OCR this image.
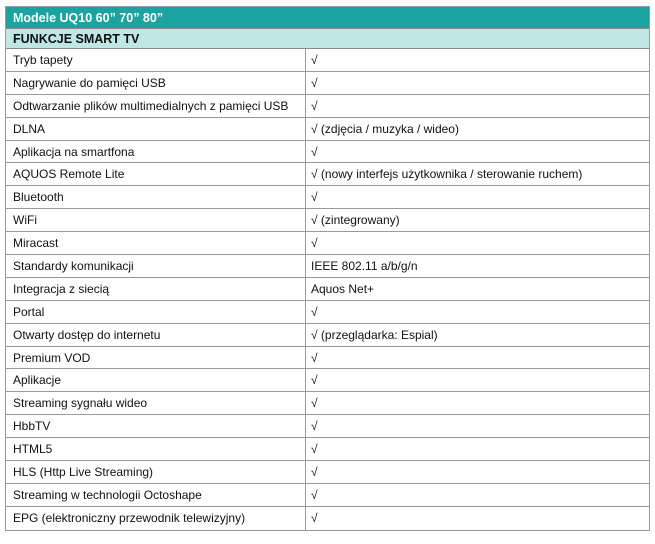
Modele UQ10 60” 70” 80”
FUNKCJE SMART TV
Tryb tapety	√
Nagrywanie do pamięci USB	√
Odtwarzanie plików multimedialnych z pamięci USB	√
DLNA	√ (zdjęcia / muzyka / wideo)
Aplikacja na smartfona	√
AQUOS Remote Lite	√ (nowy interfejs użytkownika / sterowanie ruchem)
Bluetooth	√
WiFi	√ (zintegrowany)
Miracast	√
Standardy komunikacji	IEEE 802.11 a/b/g/n
Integracja z siecią	Aquos Net+
Portal	√
Otwarty dostęp do internetu	√ (przeglądarka: Espial)
Premium VOD	√
Aplikacje	√
Streaming sygnału wideo	√
HbbTV	√
HTML5	√
HLS (Http Live Streaming)	√
Streaming w technologii Octoshape	√
EPG (elektroniczny przewodnik telewizyjny)	√
